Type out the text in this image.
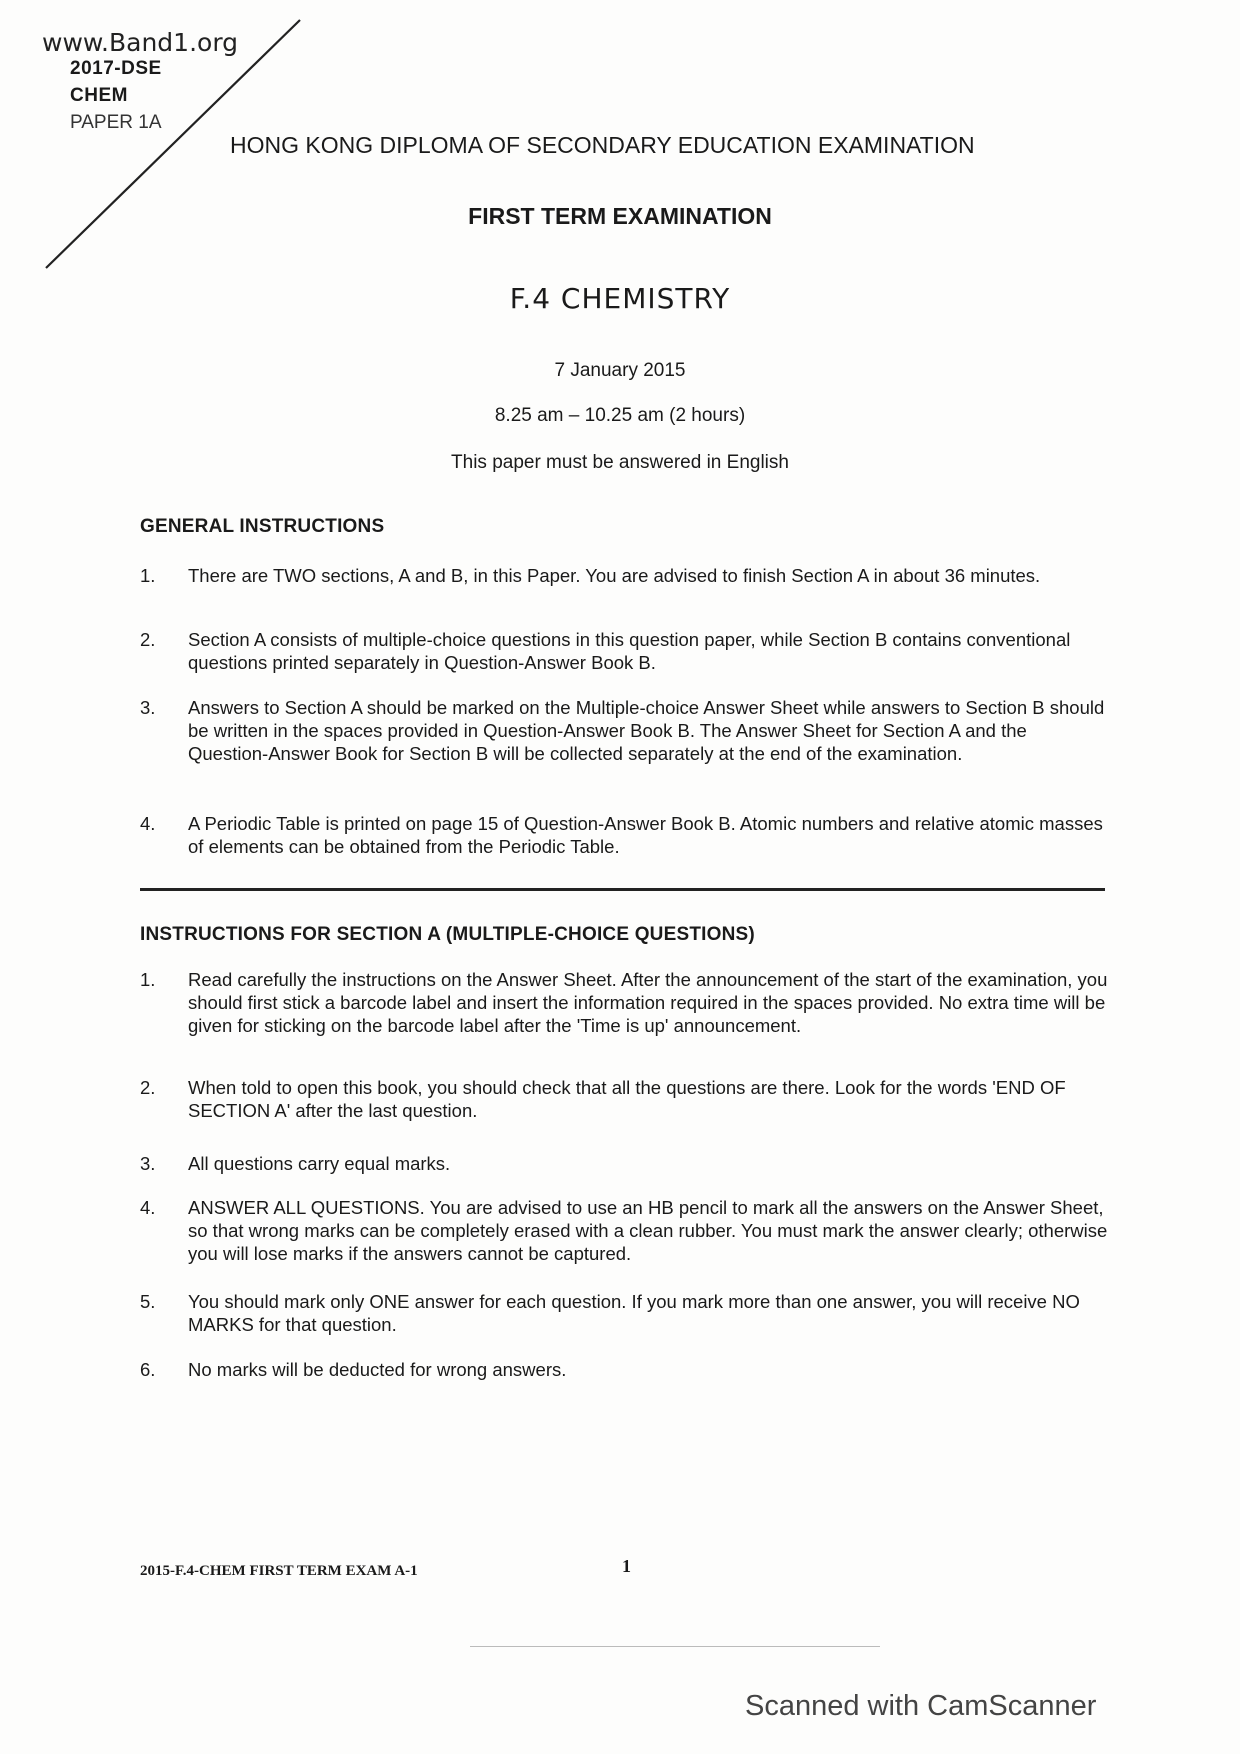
www.Band1.org
2017-DSE
CHEM
PAPER 1A
HONG KONG DIPLOMA OF SECONDARY EDUCATION EXAMINATION
FIRST TERM EXAMINATION
F.4 CHEMISTRY
7 January 2015
8.25 am – 10.25 am (2 hours)
This paper must be answered in English
GENERAL INSTRUCTIONS
1.	There are TWO sections, A and B, in this Paper. You are advised to finish Section A in about 36 minutes.
2.	Section A consists of multiple-choice questions in this question paper, while Section B contains conventional questions printed separately in Question-Answer Book B.
3.	Answers to Section A should be marked on the Multiple-choice Answer Sheet while answers to Section B should be written in the spaces provided in Question-Answer Book B. The Answer Sheet for Section A and the Question-Answer Book for Section B will be collected separately at the end of the examination.
4.	A Periodic Table is printed on page 15 of Question-Answer Book B. Atomic numbers and relative atomic masses of elements can be obtained from the Periodic Table.
INSTRUCTIONS FOR SECTION A (MULTIPLE-CHOICE QUESTIONS)
1.	Read carefully the instructions on the Answer Sheet. After the announcement of the start of the examination, you should first stick a barcode label and insert the information required in the spaces provided. No extra time will be given for sticking on the barcode label after the 'Time is up' announcement.
2.	When told to open this book, you should check that all the questions are there. Look for the words 'END OF SECTION A' after the last question.
3.	All questions carry equal marks.
4.	ANSWER ALL QUESTIONS. You are advised to use an HB pencil to mark all the answers on the Answer Sheet, so that wrong marks can be completely erased with a clean rubber. You must mark the answer clearly; otherwise you will lose marks if the answers cannot be captured.
5.	You should mark only ONE answer for each question. If you mark more than one answer, you will receive NO MARKS for that question.
6.	No marks will be deducted for wrong answers.
2015-F.4-CHEM FIRST TERM EXAM A-1	1
Scanned with CamScanner
